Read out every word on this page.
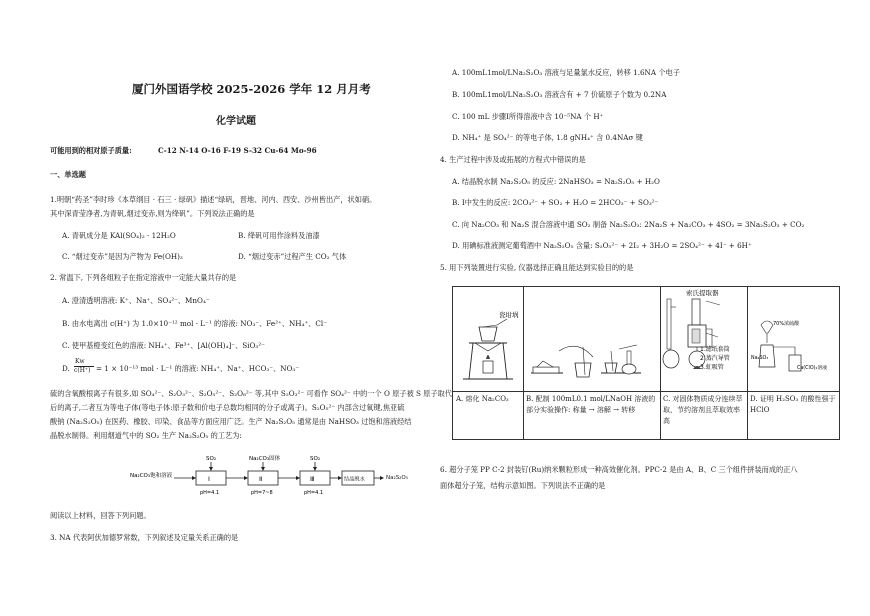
厦门外国语学校 2025-2026 学年 12 月月考
化学试题
可能用到的相对原子质量:	C-12 N-14 O-16 F-19 S-32 Cu-64 Mo-96
一、单选题
1.明朝“药圣”李时珍《本草纲目 · 石三 · 绿矾》描述“绿矾，晋地、河内、西安、沙州皆出产，状如硝。
其中深青莹净者,为青矾,烟过变赤,则为绛矾”。下列说法正确的是
A. 青矾成分是 KAl(SO₄)₂ · 12H₂O	B. 绛矾可用作涂料及油漆
C. “烟过变赤”是因为产物为 Fe(OH)₃	D. “烟过变赤”过程产生 CO₂ 气体
2. 常温下, 下列各组粒子在指定溶液中一定能大量共存的是
A. 澄清透明溶液: K⁺、Na⁺、SO₄²⁻、MnO₄⁻
B. 由水电离出 c(H⁺) 为 1.0×10⁻¹² mol · L⁻¹ 的溶液: NO₃⁻、Fe²⁺、NH₄⁺、Cl⁻
C. 使甲基橙变红色的溶液: NH₄⁺、Fe³⁺、[Al(OH)₄]⁻、SiO₃²⁻
D.
Kw
c(H⁺) = 1 × 10⁻¹³ mol · L⁻¹ 的溶液: NH₄⁺、Na⁺、HCO₃⁻、NO₃⁻
硫的含氧酸根离子有很多,如 SO₄²⁻、S₂O₃²⁻、S₂O₅²⁻、S₂O₈²⁻ 等,其中 S₂O₃²⁻ 可看作 SO₄²⁻ 中的一个 O 原子被 S 原子取代
后的离子,二者互为等电子体(等电子体:原子数和价电子总数均相同的分子或离子)。S₂O₅²⁻ 内部含过氧键,焦亚硫
酸钠 (Na₂S₂O₅) 在医药、橡胶、印染、食品等方面应用广泛。生产 Na₂S₂O₅ 通常是由 NaHSO₃ 过饱和溶液经结
晶脱水制得。利用烟道气中的 SO₂ 生产 Na₂S₂O₅ 的工艺为:
Na₂CO₃饱和溶液	Ⅰ
SO₂
pH=4.1
Ⅱ
Na₂CO₃固体
pH=7~8
Ⅲ
SO₂
pH=4.1
结晶脱水	Na₂S₂O₅
阅读以上材料，回答下列问题。
3. NA 代表阿伏加德罗常数，下列叙述及定量关系正确的是
A. 100mL1mol/LNa₂S₂O₃ 溶液与足量氯水反应，转移 1.6NA 个电子
B. 100mL1mol/LNa₂S₂O₃ 溶液含有 + 7 价硫原子个数为 0.2NA
C. 100 mL 步骤Ⅰ所得溶液中含 10⁻⁵NA 个 H⁺
D. NH₄⁺ 是 SO₄²⁻ 的等电子体, 1.8 gNH₄⁺ 含 0.4NAσ 键
4. 生产过程中涉及或拓展的方程式中错误的是
A. 结晶脱水制 Na₂S₂O₅ 的反应: 2NaHSO₃ = Na₂S₂O₅ + H₂O
B. Ⅰ中发生的反应: 2CO₃²⁻ + SO₂ + H₂O = 2HCO₃⁻ + SO₃²⁻
C. 向 Na₂CO₃ 和 Na₂S 混合溶液中通 SO₂ 制备 Na₂S₂O₃: 2Na₂S + Na₂CO₃ + 4SO₂ = 3Na₂S₂O₃ + CO₂
D. 用碘标准液测定葡萄酒中 Na₂S₂O₅ 含量: S₂O₅²⁻ + 2I₂ + 3H₂O = 2SO₄²⁻ + 4I⁻ + 6H⁺
5. 用下列装置进行实验, 仪器选择正确且能达到实验目的的是
瓷坩埚
A. 熔化 Na₂CO₃	B. 配制 100mL0.1 mol/LNaOH 溶液的部分实验操作: 称量 → 溶解 → 转移
索氏提取器
1.滤纸套筒
2.蒸汽导管
3.虹吸管
C. 对固体物质成分连续萃取，节约溶剂且萃取效率高
70%浓硫酸
Na₂SO₃
Ca(ClO)₂溶液
D. 证明 H₂SO₃ 的酸性强于 HClO
6. 超分子笼 PP C-2 封装钌(Ru)纳米颗粒形成一种高效催化剂。PPC-2 是由 A、B、C 三个组件拼装而成的正八
面体超分子笼，结构示意如图。下列说法不正确的是
